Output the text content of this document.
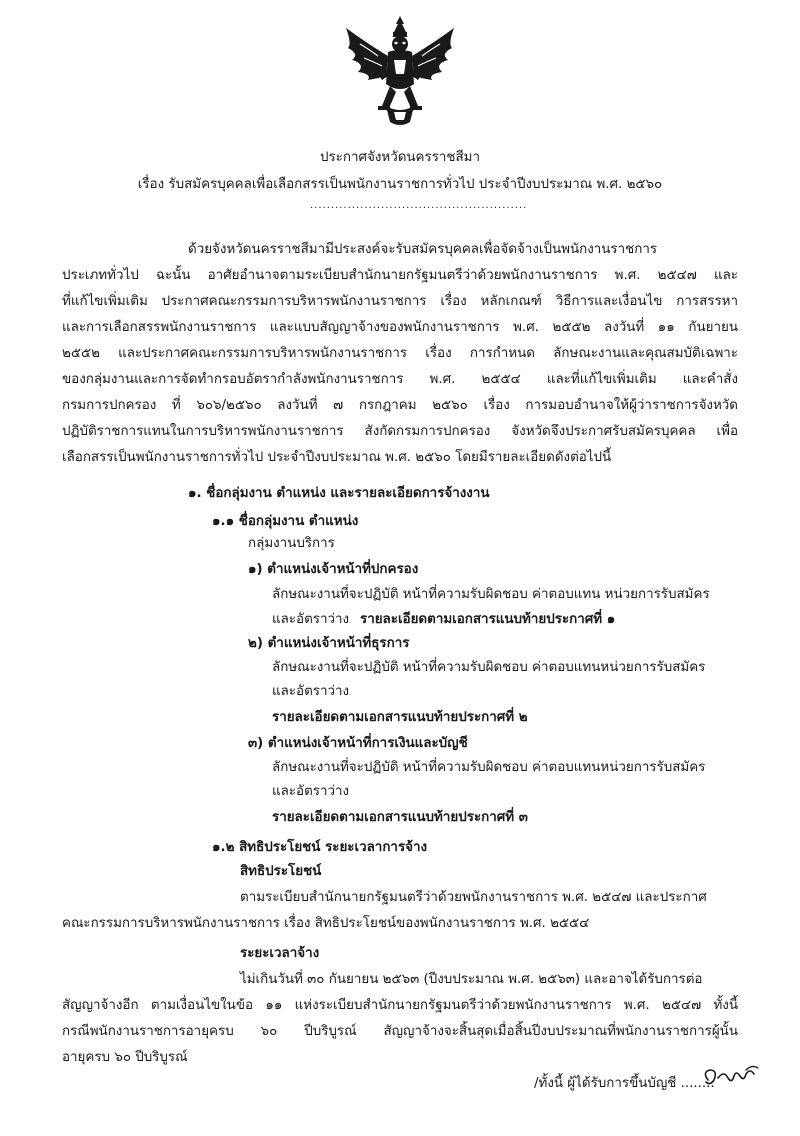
ประกาศจังหวัดนครราชสีมา
เรื่อง รับสมัครบุคคลเพื่อเลือกสรรเป็นพนักงานราชการทั่วไป ประจำปีงบประมาณ พ.ศ. ๒๕๖๐
....................................................
ด้วยจังหวัดนครราชสีมามีประสงค์จะรับสมัครบุคคลเพื่อจัดจ้างเป็นพนักงานราชการ
ประเภททั่วไป ฉะนั้น อาศัยอำนาจตามระเบียบสำนักนายกรัฐมนตรีว่าด้วยพนักงานราชการ พ.ศ. ๒๕๔๗ และ
ที่แก้ไขเพิ่มเติม ประกาศคณะกรรมการบริหารพนักงานราชการ เรื่อง หลักเกณฑ์ วิธีการและเงื่อนไข การสรรหา
และการเลือกสรรพนักงานราชการ และแบบสัญญาจ้างของพนักงานราชการ พ.ศ. ๒๕๕๒ ลงวันที่ ๑๑ กันยายน
๒๕๕๒ และประกาศคณะกรรมการบริหารพนักงานราชการ เรื่อง การกำหนด ลักษณะงานและคุณสมบัติเฉพาะ
ของกลุ่มงานและการจัดทำกรอบอัตรากำลังพนักงานราชการ พ.ศ. ๒๕๕๔ และที่แก้ไขเพิ่มเติม และคำสั่ง
กรมการปกครอง ที่ ๖๐๖/๒๕๖๐ ลงวันที่ ๗ กรกฎาคม ๒๕๖๐ เรื่อง การมอบอำนาจให้ผู้ว่าราชการจังหวัด
ปฏิบัติราชการแทนในการบริหารพนักงานราชการ สังกัดกรมการปกครอง จังหวัดจึงประกาศรับสมัครบุคคล เพื่อ
เลือกสรรเป็นพนักงานราชการทั่วไป ประจำปีงบประมาณ พ.ศ. ๒๕๖๐ โดยมีรายละเอียดดังต่อไปนี้
๑. ชื่อกลุ่มงาน ตำแหน่ง และรายละเอียดการจ้างงาน
๑.๑ ชื่อกลุ่มงาน ตำแหน่ง
กลุ่มงานบริการ
๑) ตำแหน่งเจ้าหน้าที่ปกครอง
ลักษณะงานที่จะปฏิบัติ หน้าที่ความรับผิดชอบ ค่าตอบแทน หน่วยการรับสมัคร
และอัตราว่าง รายละเอียดตามเอกสารแนบท้ายประกาศที่ ๑
๒) ตำแหน่งเจ้าหน้าที่ธุรการ
ลักษณะงานที่จะปฏิบัติ หน้าที่ความรับผิดชอบ ค่าตอบแทนหน่วยการรับสมัคร
และอัตราว่าง
รายละเอียดตามเอกสารแนบท้ายประกาศที่ ๒
๓) ตำแหน่งเจ้าหน้าที่การเงินและบัญชี
ลักษณะงานที่จะปฏิบัติ หน้าที่ความรับผิดชอบ ค่าตอบแทนหน่วยการรับสมัคร
และอัตราว่าง
รายละเอียดตามเอกสารแนบท้ายประกาศที่ ๓
๑.๒ สิทธิประโยชน์ ระยะเวลาการจ้าง
สิทธิประโยชน์
ตามระเบียบสำนักนายกรัฐมนตรีว่าด้วยพนักงานราชการ พ.ศ. ๒๕๔๗ และประกาศ
คณะกรรมการบริหารพนักงานราชการ เรื่อง สิทธิประโยชน์ของพนักงานราชการ พ.ศ. ๒๕๕๔
ระยะเวลาจ้าง
ไม่เกินวันที่ ๓๐ กันยายน ๒๕๖๓ (ปีงบประมาณ พ.ศ. ๒๕๖๓) และอาจได้รับการต่อ
สัญญาจ้างอีก ตามเงื่อนไขในข้อ ๑๑ แห่งระเบียบสำนักนายกรัฐมนตรีว่าด้วยพนักงานราชการ พ.ศ. ๒๕๔๗ ทั้งนี้
กรณีพนักงานราชการอายุครบ ๖๐ ปีบริบูรณ์ สัญญาจ้างจะสิ้นสุดเมื่อสิ้นปีงบประมาณที่พนักงานราชการผู้นั้น
อายุครบ ๖๐ ปีบริบูรณ์
/ทั้งนี้ ผู้ได้รับการขึ้นบัญชี ........
